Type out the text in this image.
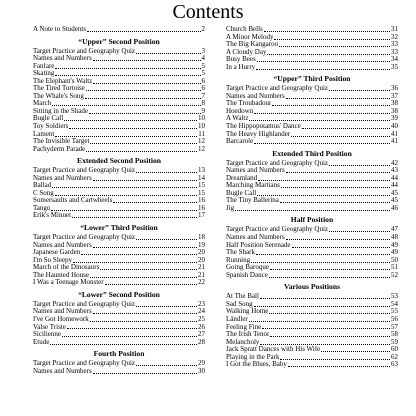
Contents
A Note to Students	2
“Upper” Second Position
Target Practice and Geography Quiz	3
Names and Numbers	4
Fanfare	5
Skating	5
The Elephant's Waltz	6
The Tired Tortoise	6
The Whale's Song	7
March	8
Sitting in the Shade	9
Bugle Call	10
Toy Soldiers	10
Lament	11
The Invisible Target	12
Pachyderm Parade	12
Extended Second Position
Target Practice and Geography Quiz	13
Names and Numbers	14
Ballad	15
C Song	15
Somersaults and Cartwheels	16
Tango	16
Erik's Minuet	17
“Lower” Third Position
Target Practice and Geography Quiz	18
Names and Numbers	19
Japanese Garden	20
I'm So Sleepy	20
March of the Dinosaurs	21
The Haunted House	21
I Was a Teenage Monster	22
“Lower” Second Position
Target Practice and Geography Quiz	23
Names and Numbers	24
I've Got Homework	25
Valse Triste	26
Sicilienne	27
Etude	28
Fourth Position
Target Practice and Geography Quiz	29
Names and Numbers	30
Church Bells	31
A Minor Melody	32
The Big Kangaroo	33
A Cloudy Day	33
Busy Bees	34
In a Hurry	35
“Upper” Third Position
Target Practice and Geography Quiz	36
Names and Numbers	37
The Troubadour	38
Hoedown	38
A Waltz	39
The Hippopotamus' Dance	40
The Heavy Highlander	41
Barcarole	41
Extended Third Position
Target Practice and Geography Quiz	42
Names and Numbers	43
Dreamland	44
Marching Martians	44
Bugle Call	45
The Tiny Ballerina	45
Jig	46
Half Position
Target Practice and Geography Quiz	47
Names and Numbers	48
Half Position Serenade	49
The Shark	49
Running	50
Going Baroque	51
Spanish Dance	52
Various Positions
At The Ball	53
Sad Song	54
Walking Home	55
Ländler	56
Feeling Fine	57
The Irish Tenor	58
Melancholy	59
Jack Spratt Dances with His Wife	60
Playing in the Park	62
I Got the Blues, Baby	63
